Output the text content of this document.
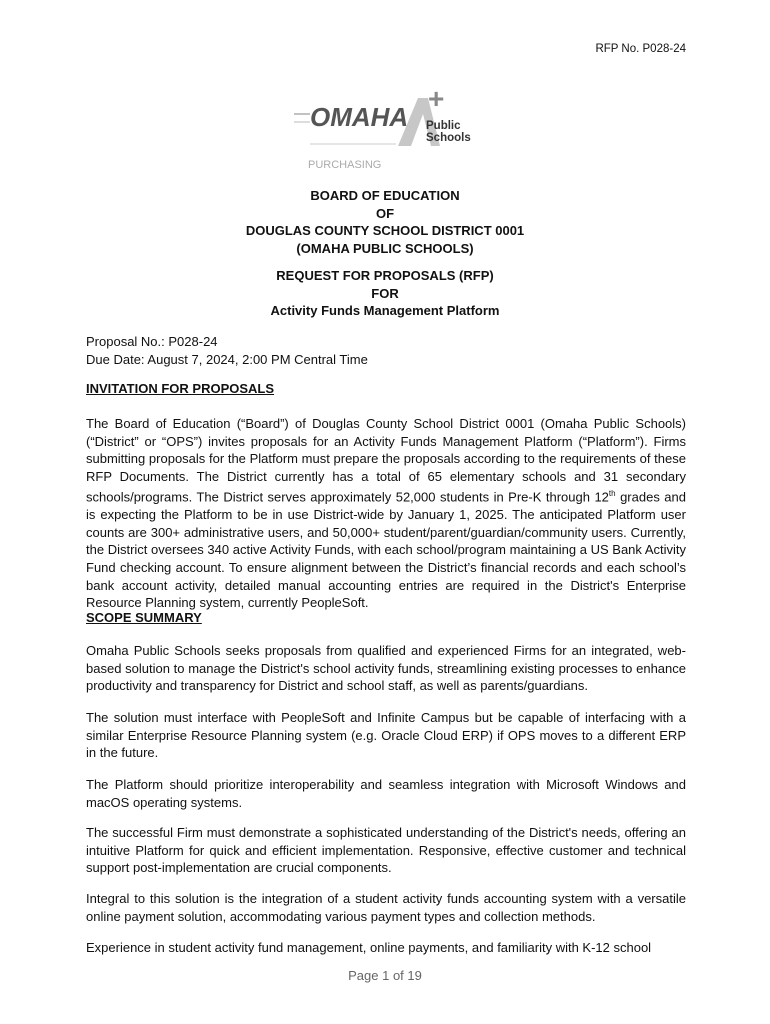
RFP No. P028-24
OMAHA
+
Public
Schools
PURCHASING
BOARD OF EDUCATION
OF
DOUGLAS COUNTY SCHOOL DISTRICT 0001
(OMAHA PUBLIC SCHOOLS)
REQUEST FOR PROPOSALS (RFP)
FOR
Activity Funds Management Platform
Proposal No.: P028-24
Due Date: August 7, 2024, 2:00 PM Central Time
INVITATION FOR PROPOSALS

The Board of Education (“Board”) of Douglas County School District 0001 (Omaha Public Schools) (“District” or “OPS”) invites proposals for an Activity Funds Management Platform (“Platform”). Firms submitting proposals for the Platform must prepare the proposals according to the requirements of these RFP Documents. The District currently has a total of 65 elementary schools and 31 secondary schools/programs. The District serves approximately 52,000 students in Pre-K through 12th grades and is expecting the Platform to be in use District-wide by January 1, 2025. The anticipated Platform user counts are 300+ administrative users, and 50,000+ student/parent/guardian/community users. Currently, the District oversees 340 active Activity Funds, with each school/program maintaining a US Bank Activity Fund checking account. To ensure alignment between the District’s financial records and each school’s bank account activity, detailed manual accounting entries are required in the District's Enterprise Resource Planning system, currently PeopleSoft.

SCOPE SUMMARY

Omaha Public Schools seeks proposals from qualified and experienced Firms for an integrated, web-based solution to manage the District's school activity funds, streamlining existing processes to enhance productivity and transparency for District and school staff, as well as parents/guardians.

The solution must interface with PeopleSoft and Infinite Campus but be capable of interfacing with a similar Enterprise Resource Planning system (e.g. Oracle Cloud ERP) if OPS moves to a different ERP in the future.

The Platform should prioritize interoperability and seamless integration with Microsoft Windows and macOS operating systems.

The successful Firm must demonstrate a sophisticated understanding of the District's needs, offering an intuitive Platform for quick and efficient implementation. Responsive, effective customer and technical support post-implementation are crucial components.

Integral to this solution is the integration of a student activity funds accounting system with a versatile online payment solution, accommodating various payment types and collection methods.

Experience in student activity fund management, online payments, and familiarity with K-12 school

Page 1 of 19
